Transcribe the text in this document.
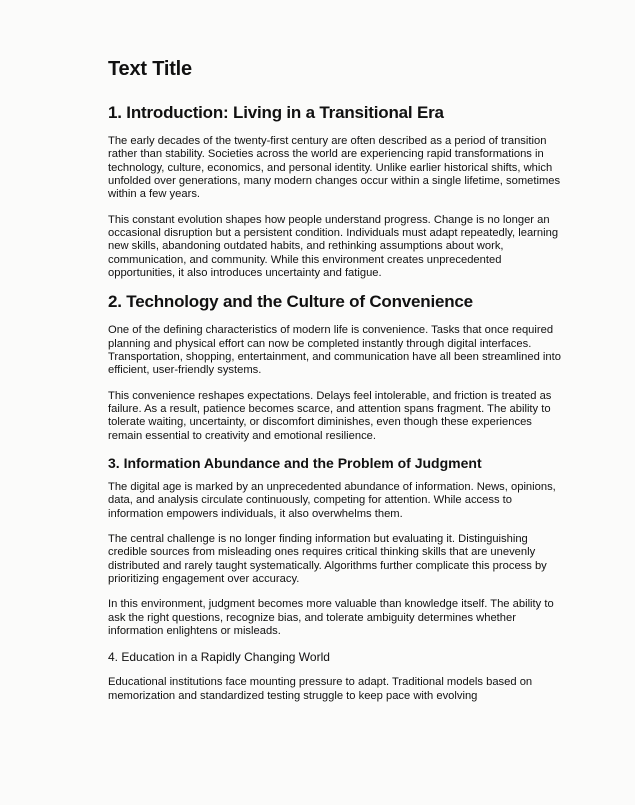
Text Title
1. Introduction: Living in a Transitional Era

The early decades of the twenty-first century are often described as a period of transition rather than stability. Societies across the world are experiencing rapid transformations in technology, culture, economics, and personal identity. Unlike earlier historical shifts, which unfolded over generations, many modern changes occur within a single lifetime, sometimes within a few years.

This constant evolution shapes how people understand progress. Change is no longer an occasional disruption but a persistent condition. Individuals must adapt repeatedly, learning new skills, abandoning outdated habits, and rethinking assumptions about work, communication, and community. While this environment creates unprecedented opportunities, it also introduces uncertainty and fatigue.

2. Technology and the Culture of Convenience

One of the defining characteristics of modern life is convenience. Tasks that once required planning and physical effort can now be completed instantly through digital interfaces. Transportation, shopping, entertainment, and communication have all been streamlined into efficient, user-friendly systems.

This convenience reshapes expectations. Delays feel intolerable, and friction is treated as failure. As a result, patience becomes scarce, and attention spans fragment. The ability to tolerate waiting, uncertainty, or discomfort diminishes, even though these experiences remain essential to creativity and emotional resilience.

3. Information Abundance and the Problem of Judgment

The digital age is marked by an unprecedented abundance of information. News, opinions, data, and analysis circulate continuously, competing for attention. While access to information empowers individuals, it also overwhelms them.

The central challenge is no longer finding information but evaluating it. Distinguishing credible sources from misleading ones requires critical thinking skills that are unevenly distributed and rarely taught systematically. Algorithms further complicate this process by prioritizing engagement over accuracy.

In this environment, judgment becomes more valuable than knowledge itself. The ability to ask the right questions, recognize bias, and tolerate ambiguity determines whether information enlightens or misleads.

4. Education in a Rapidly Changing World

Educational institutions face mounting pressure to adapt. Traditional models based on memorization and standardized testing struggle to keep pace with evolving
